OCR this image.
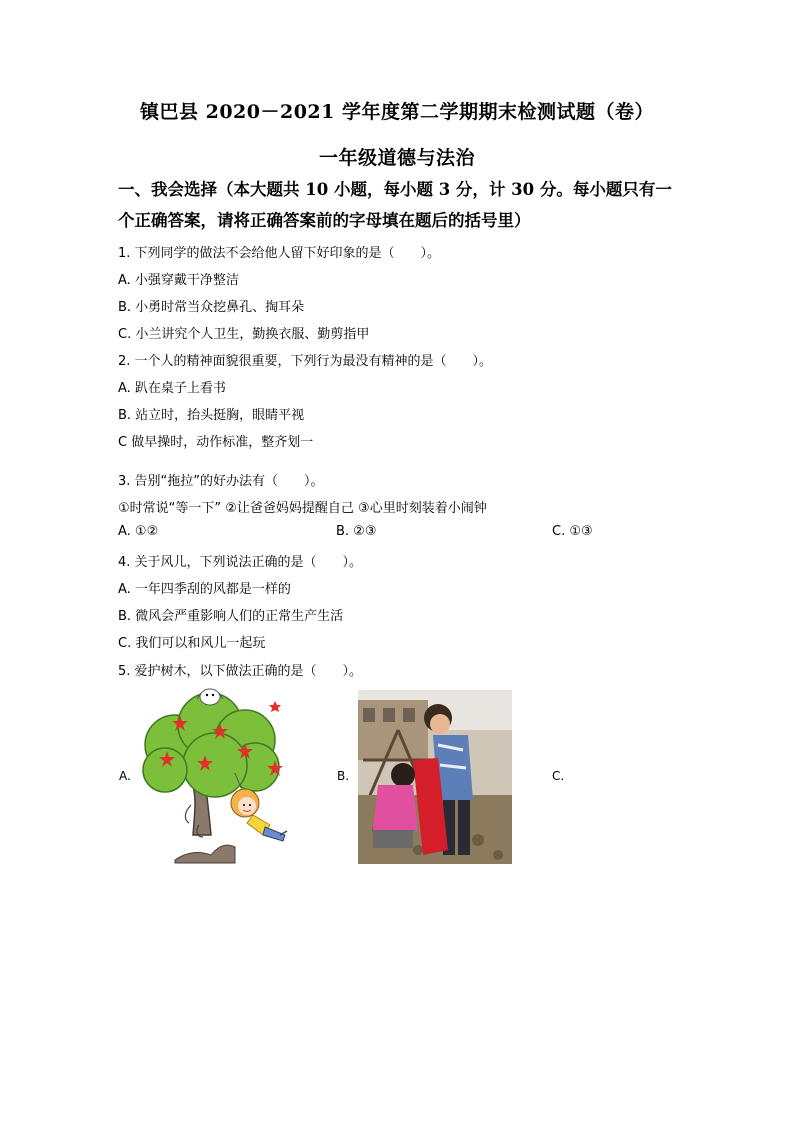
镇巴县 2020－2021 学年度第二学期期末检测试题（卷）
一年级道德与法治
一、我会选择（本大题共 10 小题，每小题 3 分，计 30 分。每小题只有一个正确答案，请将正确答案前的字母填在题后的括号里）
1. 下列同学的做法不会给他人留下好印象的是（　　）。
A. 小强穿戴干净整洁
B. 小勇时常当众挖鼻孔、掏耳朵
C. 小兰讲究个人卫生，勤换衣服、勤剪指甲
2. 一个人的精神面貌很重要，下列行为最没有精神的是（　　）。
A. 趴在桌子上看书
B. 站立时，抬头挺胸，眼睛平视
C 做早操时，动作标准，整齐划一
3. 告别“拖拉”的好办法有（　　）。
①时常说“等一下” ②让爸爸妈妈提醒自己 ③心里时刻装着小闹钟
A. ①②	B. ②③	C. ①③
4. 关于风儿，下列说法正确的是（　　）。
A. 一年四季刮的风都是一样的
B. 微风会严重影响人们的正常生产生活
C. 我们可以和风儿一起玩
5. 爱护树木，以下做法正确的是（　　）。
A.	B.	C.
